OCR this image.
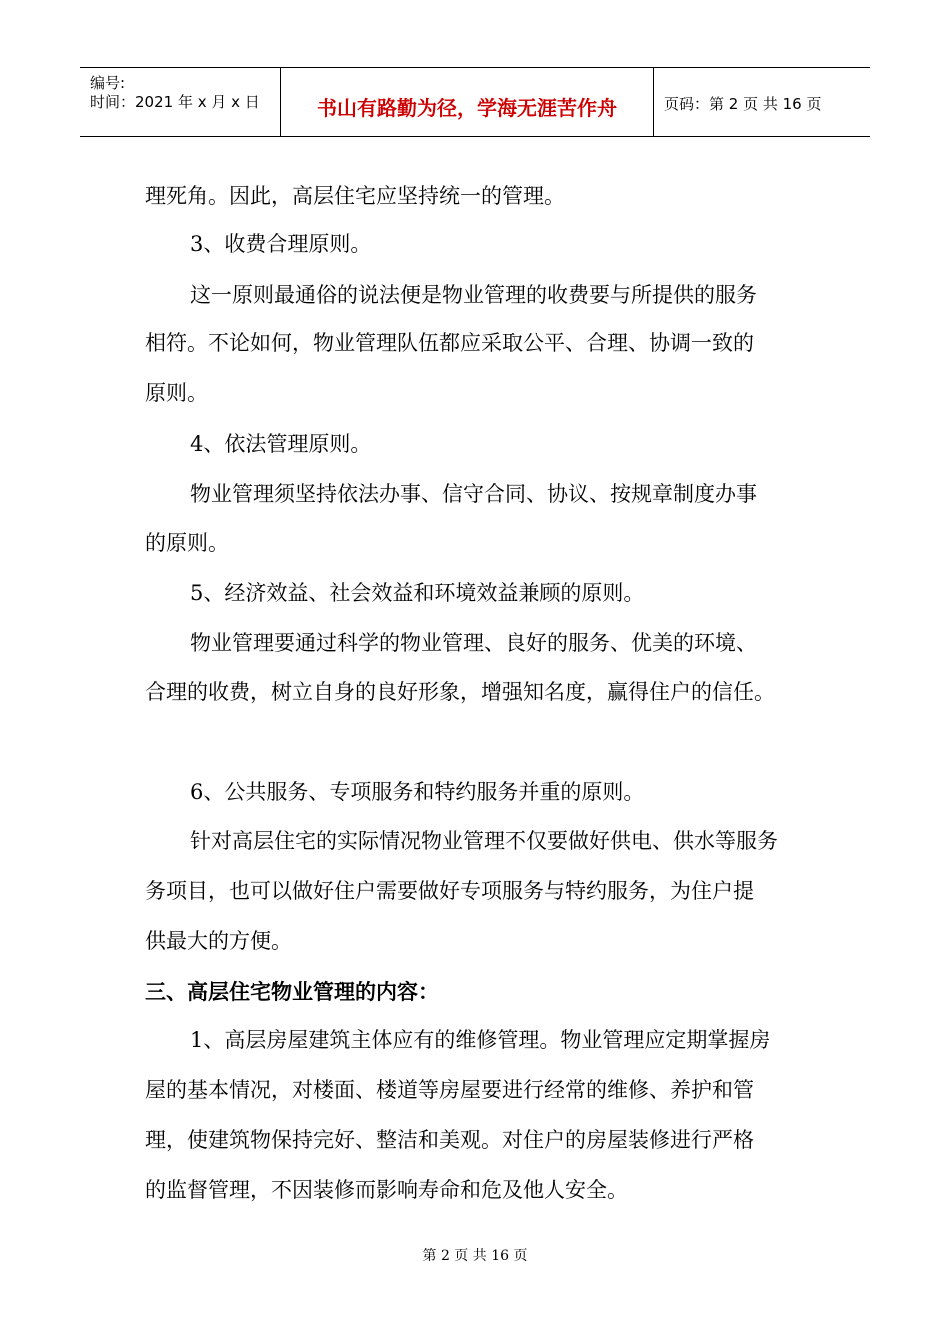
编号:
时间：2021 年 x 月 x 日	书山有路勤为径，学海无涯苦作舟	页码：第 2 页 共 16 页
理死角。因此，高层住宅应坚持统一的管理。
3、收费合理原则。
这一原则最通俗的说法便是物业管理的收费要与所提供的服务
相符。不论如何，物业管理队伍都应采取公平、合理、协调一致的
原则。
4、依法管理原则。
物业管理须坚持依法办事、信守合同、协议、按规章制度办事
的原则。
5、经济效益、社会效益和环境效益兼顾的原则。
物业管理要通过科学的物业管理、良好的服务、优美的环境、
合理的收费，树立自身的良好形象，增强知名度，赢得住户的信任。
6、公共服务、专项服务和特约服务并重的原则。
针对高层住宅的实际情况物业管理不仅要做好供电、供水等服务
务项目，也可以做好住户需要做好专项服务与特约服务，为住户提
供最大的方便。
三、高层住宅物业管理的内容：
1、高层房屋建筑主体应有的维修管理。物业管理应定期掌握房
屋的基本情况，对楼面、楼道等房屋要进行经常的维修、养护和管
理，使建筑物保持完好、整洁和美观。对住户的房屋装修进行严格
的监督管理，不因装修而影响寿命和危及他人安全。
第 2 页 共 16 页
